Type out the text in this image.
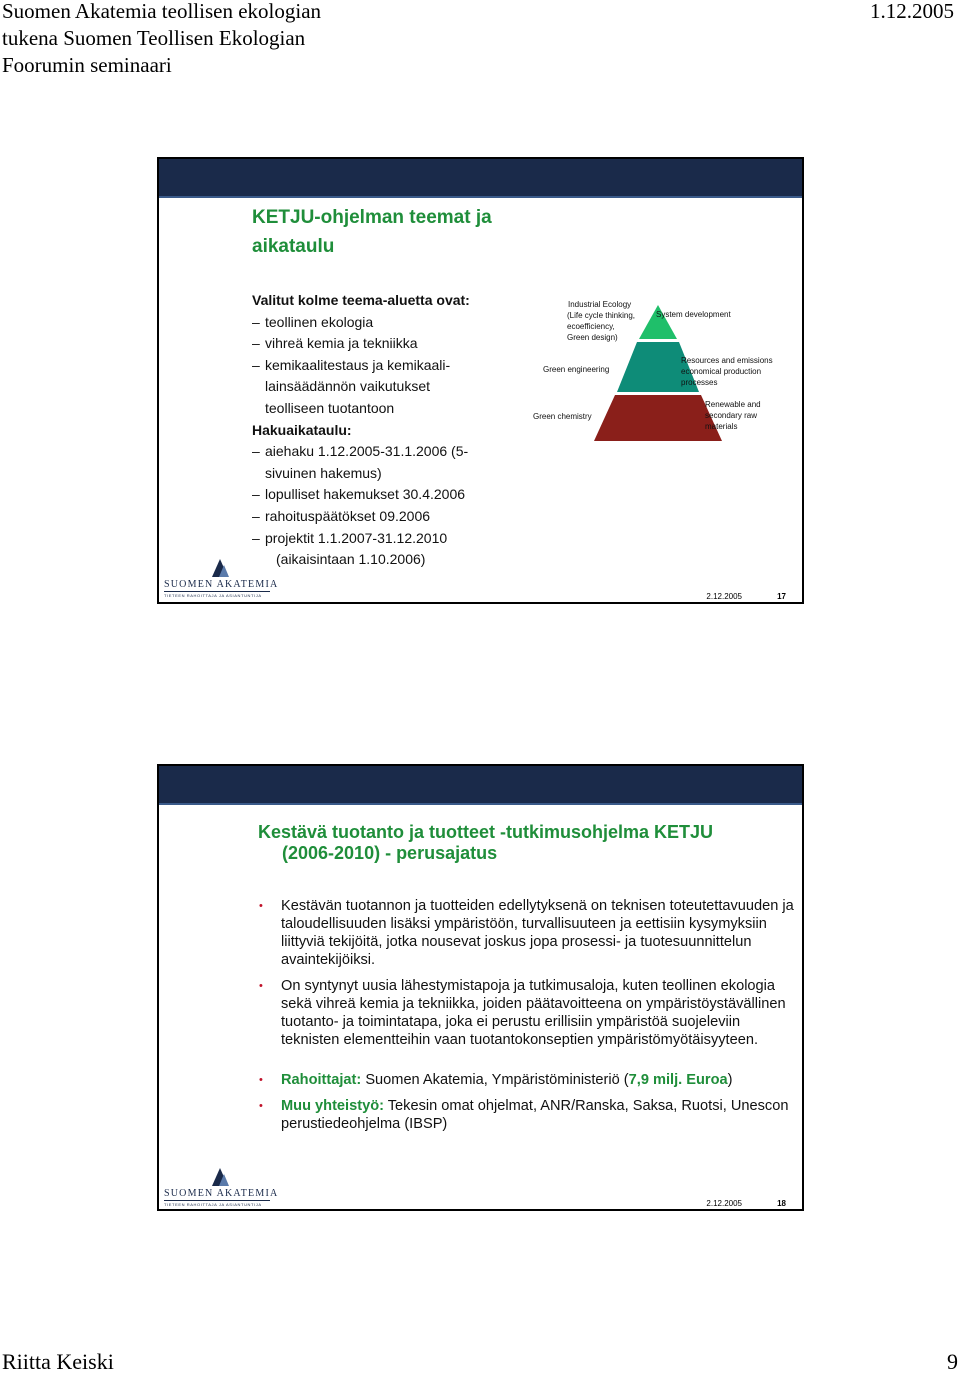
Suomen Akatemia teollisen ekologian
tukena Suomen Teollisen Ekologian
Foorumin seminaari
1.12.2005
KETJU-ohjelman teemat ja
aikataulu
Valitut kolme teema-aluetta ovat:
– teollinen ekologia
– vihreä kemia ja tekniikka
– kemikaalitestaus ja kemikaali-
lainsäädännön vaikutukset
teolliseen tuotantoon
Hakuaikataulu:
– aiehaku 1.12.2005-31.1.2006 (5-
sivuinen hakemus)
– lopulliset hakemukset 30.4.2006
– rahoituspäätökset 09.2006
– projektit 1.1.2007-31.12.2010
(aikaisintaan 1.10.2006)
Industrial Ecology
(Life cycle thinking,
ecoefficiency,
Green design)
Green engineering
Green chemistry
System development
Resources and emissions
economical production
processes
Renewable and
secondary raw
materials
SUOMEN AKATEMIA
TIETEEN RAHOITTAJA JA ASIANTUNTIJA	2.12.2005	17
Kestävä tuotanto ja tuotteet -tutkimusohjelma KETJU
(2006-2010) - perusajatus
• Kestävän tuotannon ja tuotteiden edellytyksenä on teknisen toteutettavuuden ja taloudellisuuden lisäksi ympäristöön, turvallisuuteen ja eettisiin kysymyksiin liittyviä tekijöitä, jotka nousevat joskus jopa prosessi- ja tuotesuunnittelun avaintekijöiksi.
• On syntynyt uusia lähestymistapoja ja tutkimusaloja, kuten teollinen ekologia sekä vihreä kemia ja tekniikka, joiden päätavoitteena on ympäristöystävällinen tuotanto- ja toimintatapa, joka ei perustu erillisiin ympäristöä suojeleviin teknisten elementteihin vaan tuotantokonseptien ympäristömyötäisyyteen.
• Rahoittajat: Suomen Akatemia, Ympäristöministeriö (7,9 milj. Euroa)
• Muu yhteistyö: Tekesin omat ohjelmat, ANR/Ranska, Saksa, Ruotsi, Unescon perustiedeohjelma (IBSP)
SUOMEN AKATEMIA
TIETEEN RAHOITTAJA JA ASIANTUNTIJA	2.12.2005	18
Riitta Keiski	9
